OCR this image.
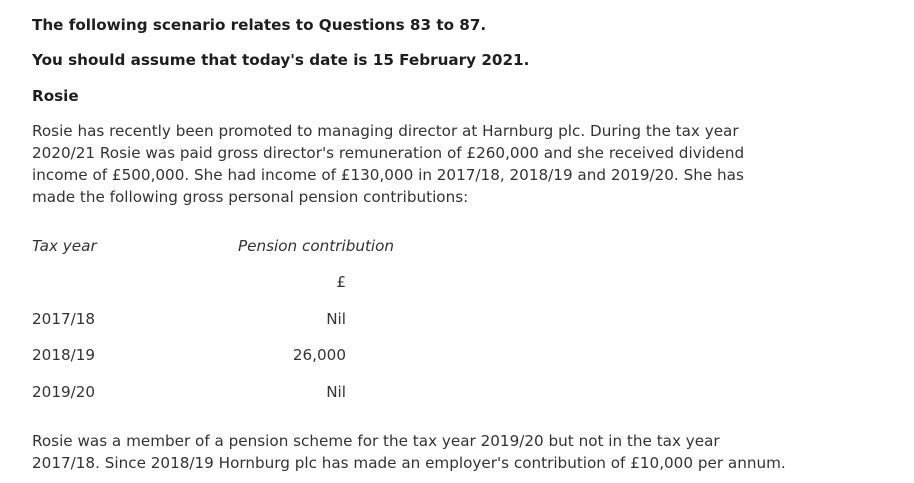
The following scenario relates to Questions 83 to 87.
You should assume that today's date is 15 February 2021.
Rosie
Rosie has recently been promoted to managing director at Harnburg plc. During the tax year
2020/21 Rosie was paid gross director's remuneration of £260,000 and she received dividend
income of £500,000. She had income of £130,000 in 2017/18, 2018/19 and 2019/20. She has
made the following gross personal pension contributions:
Tax year	Pension contribution
£
2017/18	Nil
2018/19	26,000
2019/20	Nil
Rosie was a member of a pension scheme for the tax year 2019/20 but not in the tax year
2017/18. Since 2018/19 Hornburg plc has made an employer's contribution of £10,000 per annum.
